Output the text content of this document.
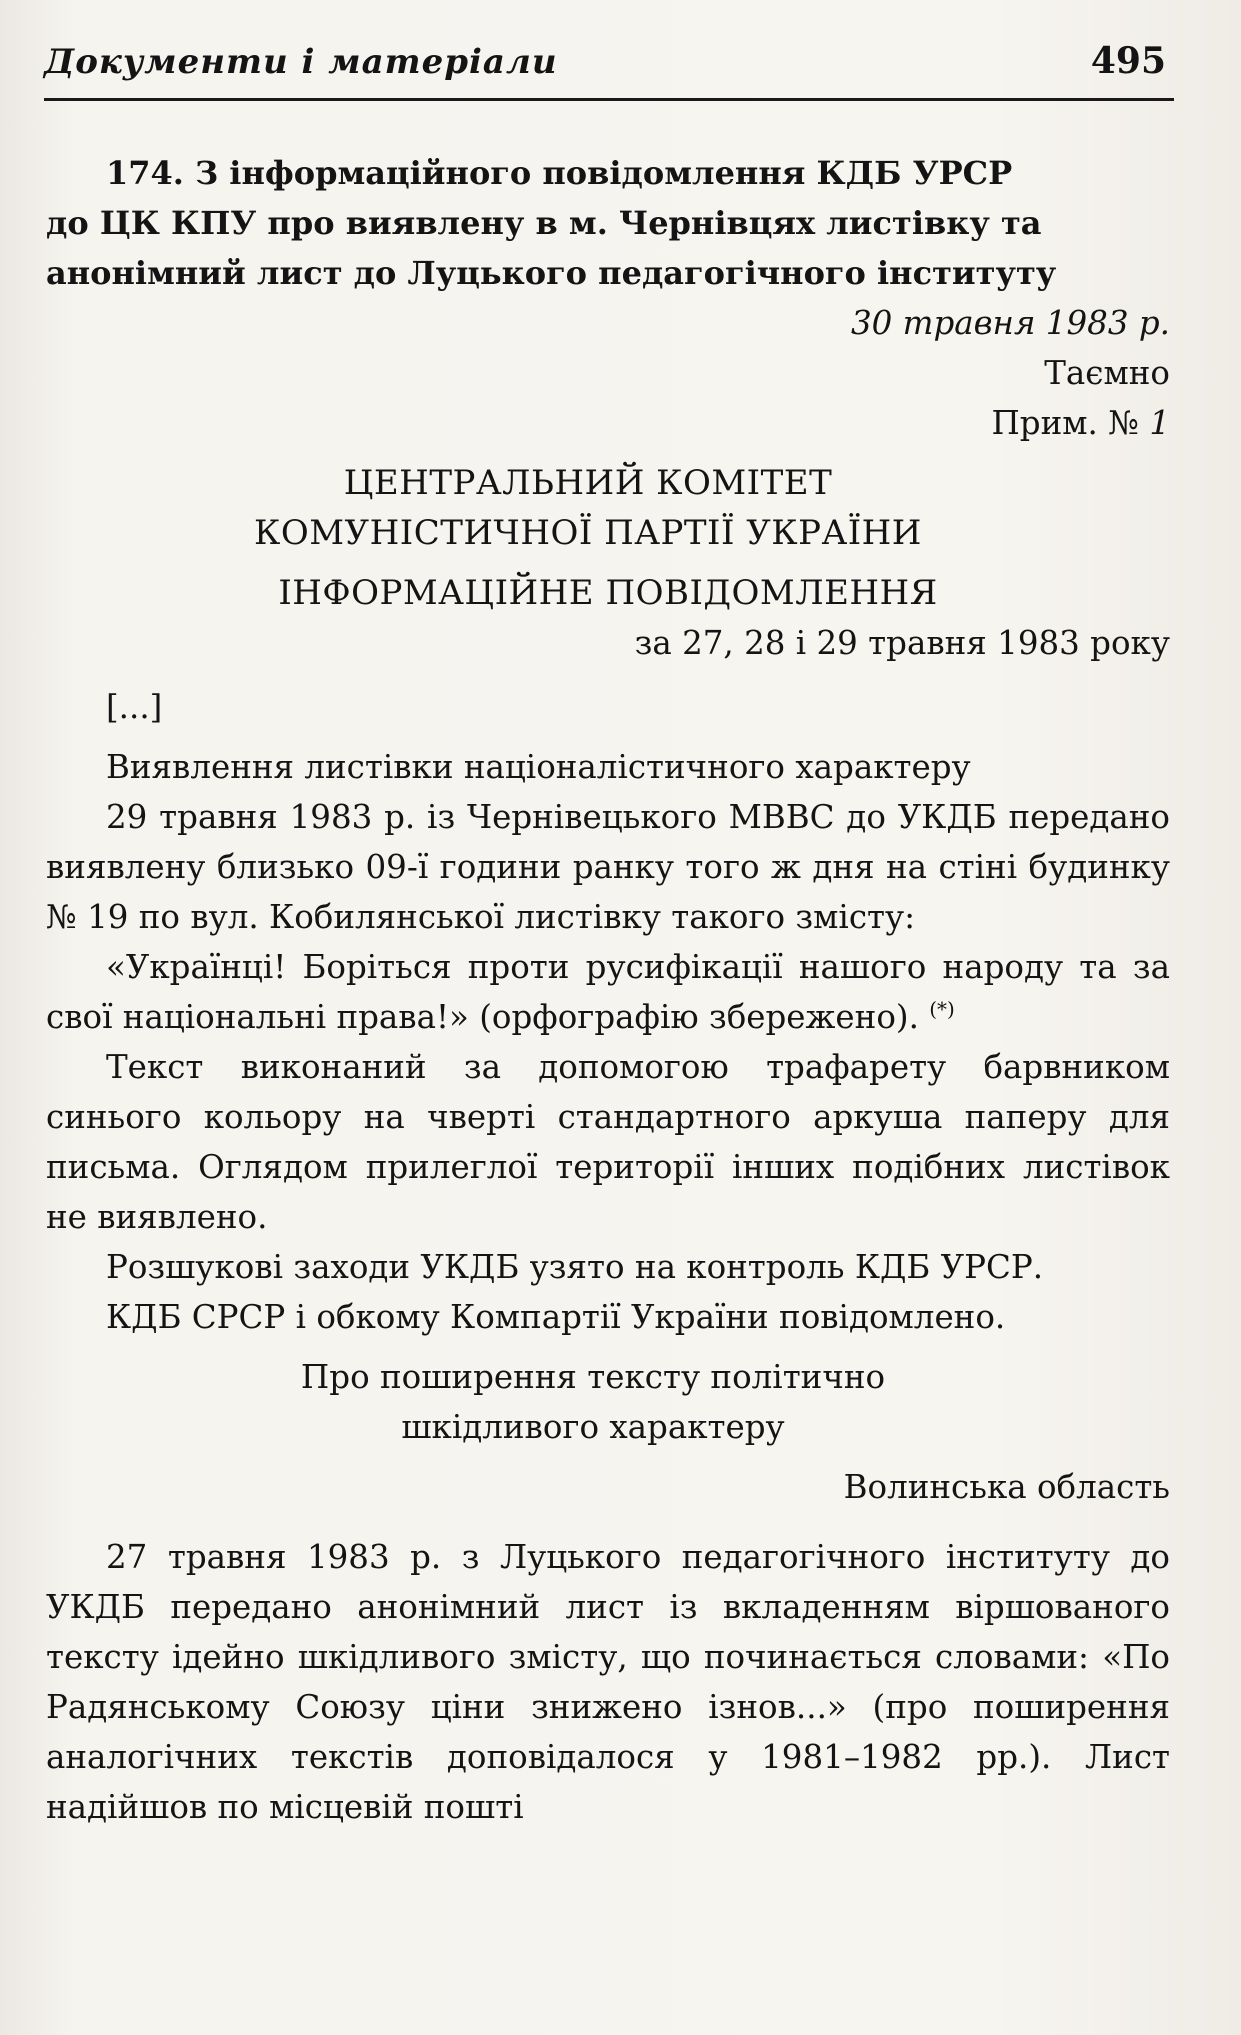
Документи і матеріали	495
174. З інформаційного повідомлення КДБ УРСР
до ЦК КПУ про виявлену в м. Чернівцях листівку та
анонімний лист до Луцького педагогічного інституту

30 травня 1983 р.

Таємно

Прим. № 1

ЦЕНТРАЛЬНИЙ КОМІТЕТ

КОМУНІСТИЧНОЇ ПАРТІЇ УКРАЇНИ

ІНФОРМАЦІЙНЕ ПОВІДОМЛЕННЯ

за 27, 28 і 29 травня 1983 року

[...]

Виявлення листівки націоналістичного характеру

29 травня 1983 р. із Чернівецького МВВС до УКДБ передано виявлену близько 09-ї години ранку того ж дня на стіні будинку № 19 по вул. Кобилянської листівку такого змісту:

«Українці! Боріться проти русифікації нашого народу та за свої національні права!» (орфографію збережено). (*)

Текст виконаний за допомогою трафарету барвником синього кольору на чверті стандартного аркуша паперу для письма. Оглядом прилеглої території інших подібних листівок не виявлено.

Розшукові заходи УКДБ узято на контроль КДБ УРСР.

КДБ СРСР і обкому Компартії України повідомлено.

Про поширення тексту політично

шкідливого характеру

Волинська область

27 травня 1983 р. з Луцького педагогічного інституту до УКДБ передано анонімний лист із вкладенням віршованого тексту ідейно шкідливого змісту, що починається словами: «По Радянському Союзу ціни знижено ізнов...» (про поширення аналогічних текстів доповідалося у 1981–1982 рр.). Лист надійшов по місцевій пошті
